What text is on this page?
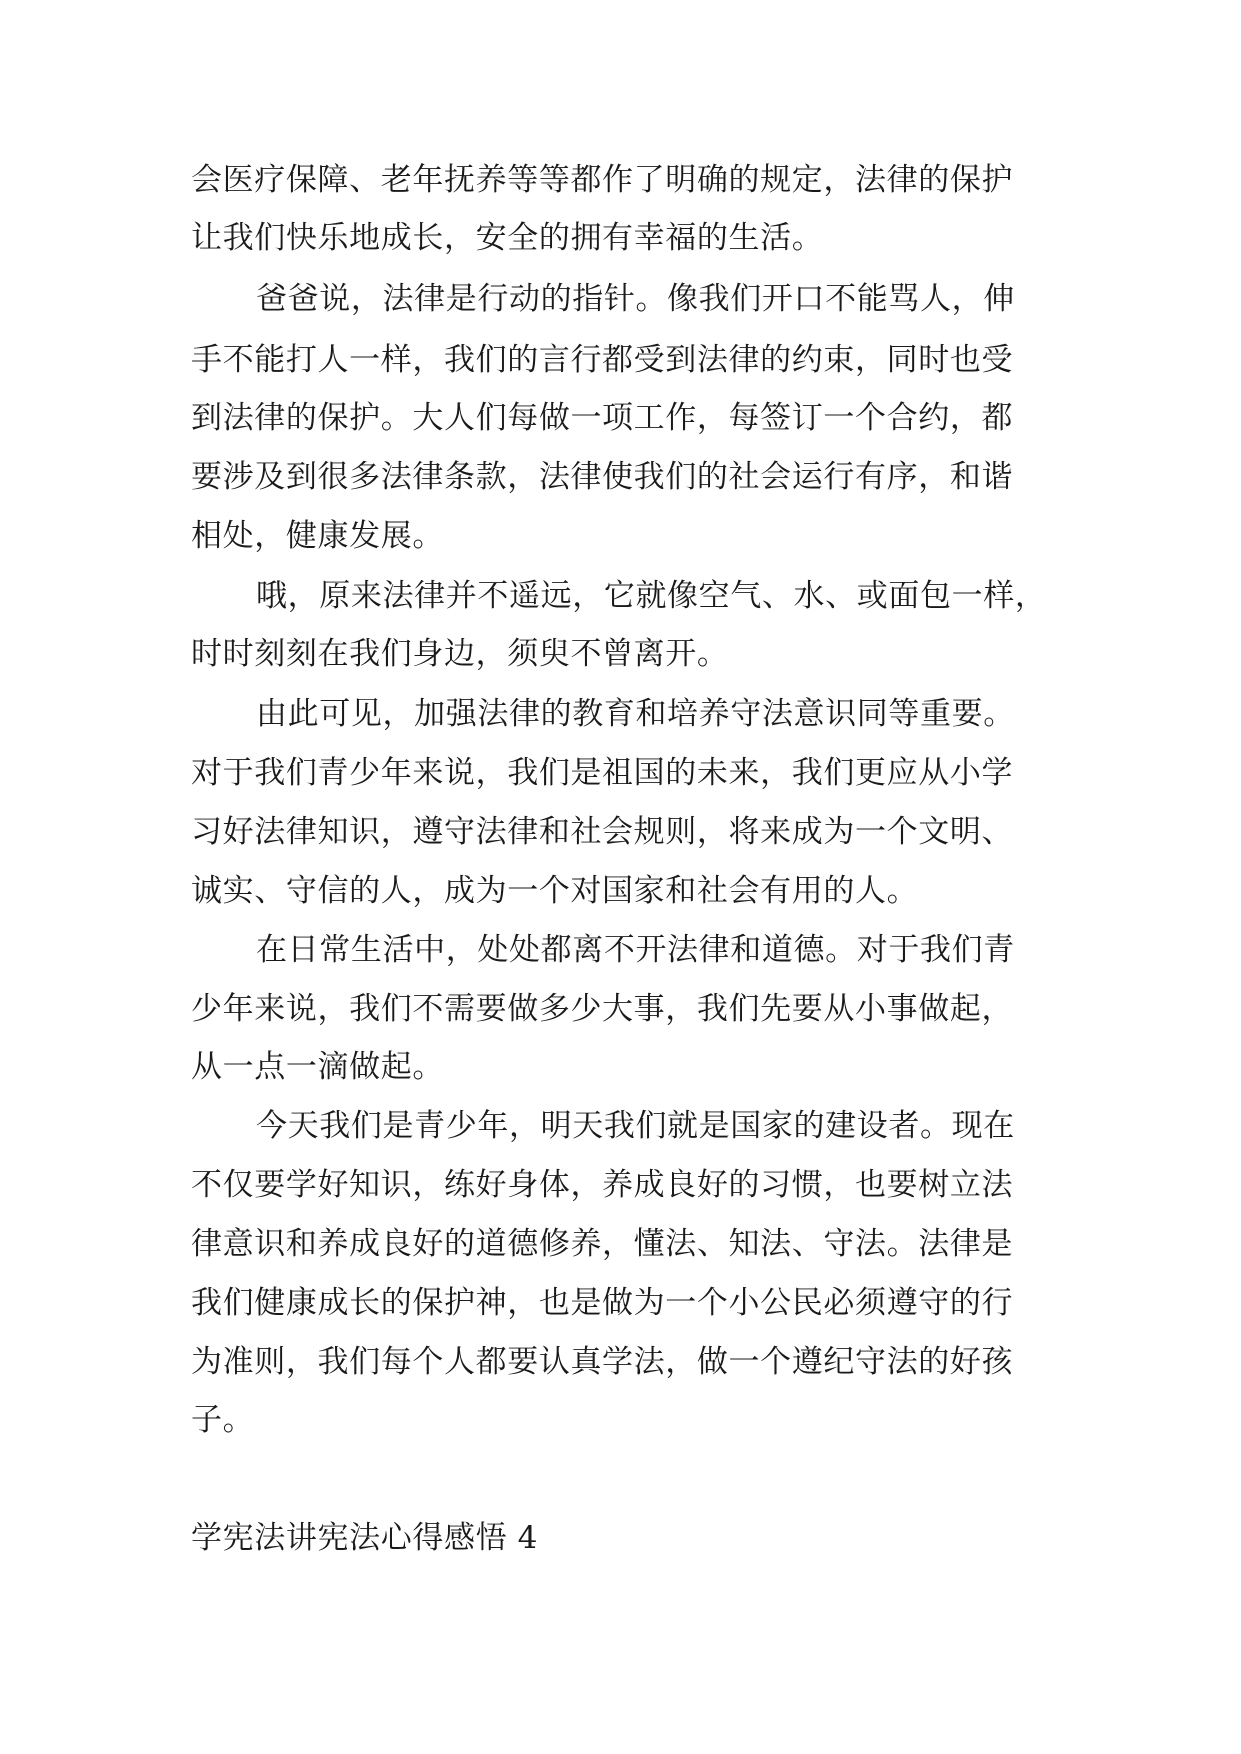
会医疗保障、老年抚养等等都作了明确的规定，法律的保护
让我们快乐地成长，安全的拥有幸福的生活。
爸爸说，法律是行动的指针。像我们开口不能骂人，伸
手不能打人一样，我们的言行都受到法律的约束，同时也受
到法律的保护。大人们每做一项工作，每签订一个合约，都
要涉及到很多法律条款，法律使我们的社会运行有序，和谐
相处，健康发展。
哦，原来法律并不遥远，它就像空气、水、或面包一样，
时时刻刻在我们身边，须臾不曾离开。
由此可见，加强法律的教育和培养守法意识同等重要。
对于我们青少年来说，我们是祖国的未来，我们更应从小学
习好法律知识，遵守法律和社会规则，将来成为一个文明、
诚实、守信的人，成为一个对国家和社会有用的人。
在日常生活中，处处都离不开法律和道德。对于我们青
少年来说，我们不需要做多少大事，我们先要从小事做起，
从一点一滴做起。
今天我们是青少年，明天我们就是国家的建设者。现在
不仅要学好知识，练好身体，养成良好的习惯，也要树立法
律意识和养成良好的道德修养，懂法、知法、守法。法律是
我们健康成长的保护神，也是做为一个小公民必须遵守的行
为准则，我们每个人都要认真学法，做一个遵纪守法的好孩
子。
学宪法讲宪法心得感悟 4
